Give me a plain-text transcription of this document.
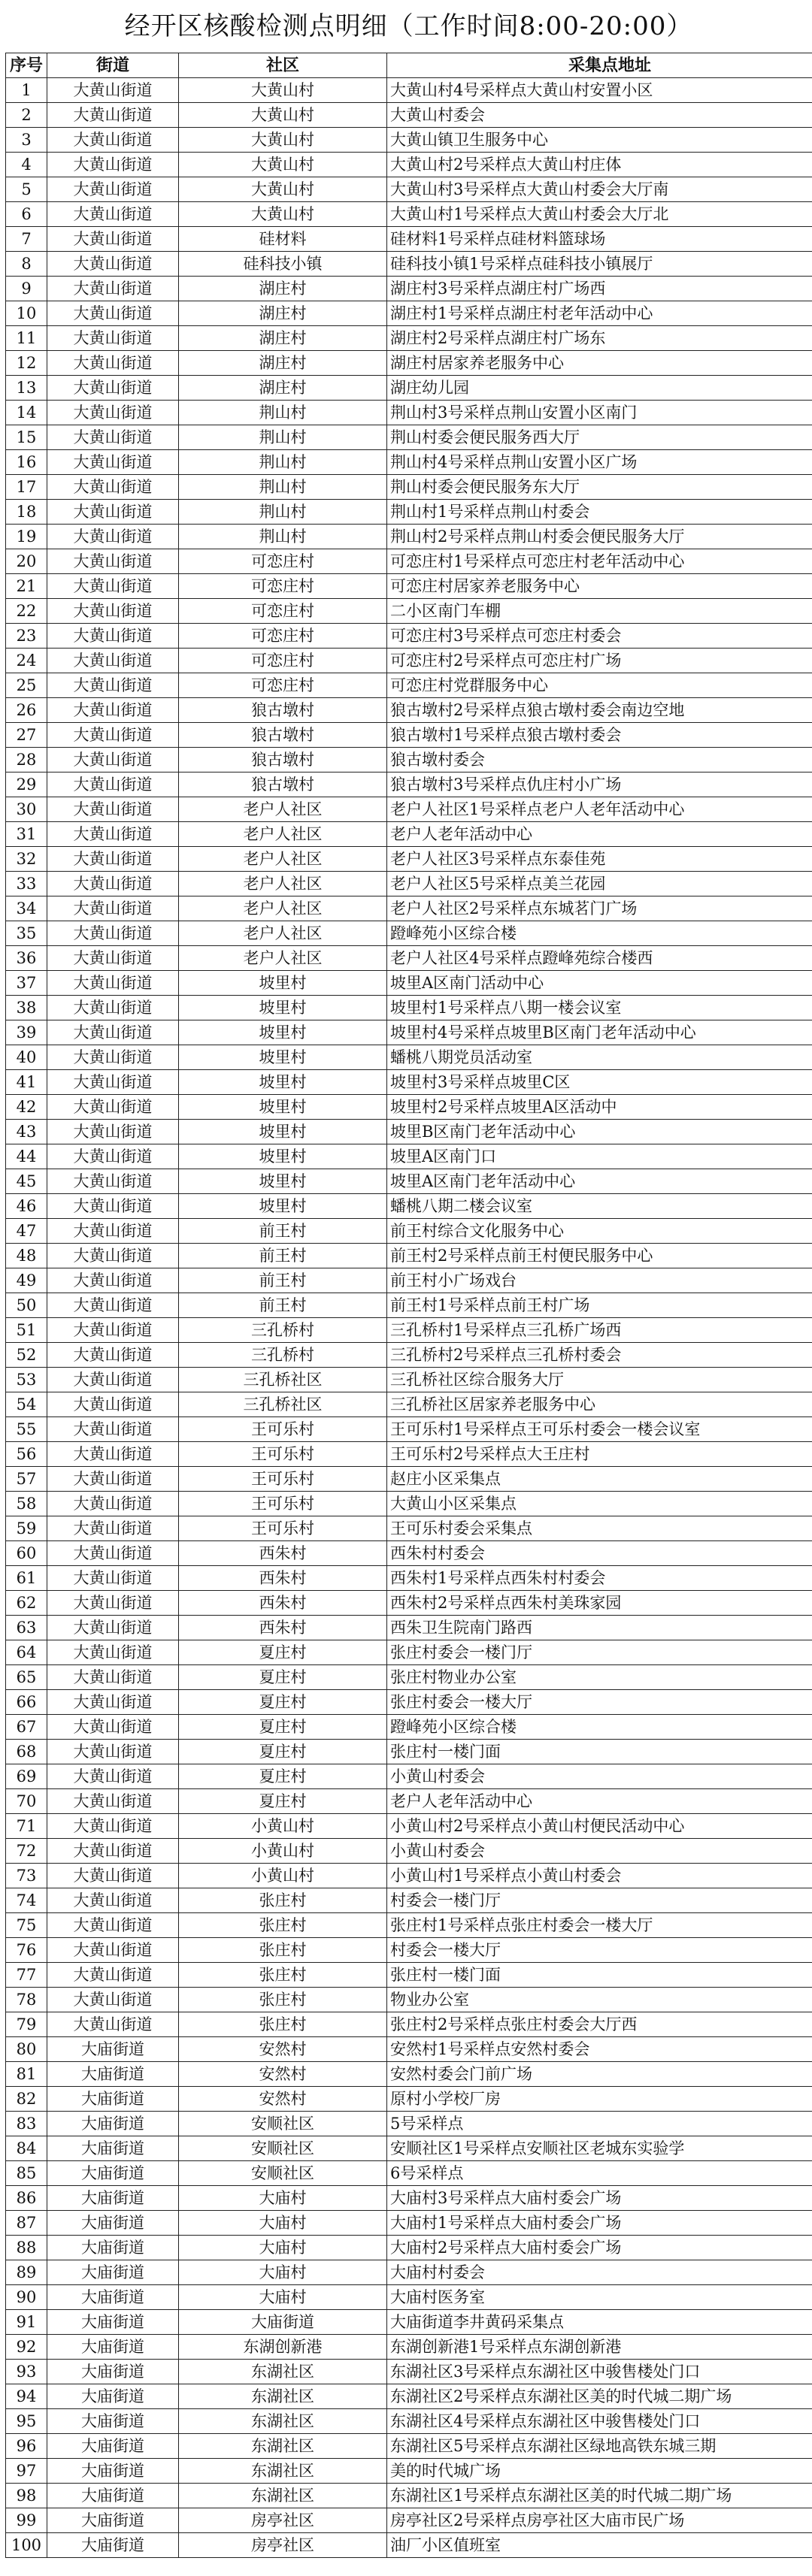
经开区核酸检测点明细（工作时间8:00-20:00）
序号	街道	社区	采集点地址
1	大黄山街道	大黄山村	大黄山村4号采样点大黄山村安置小区
2	大黄山街道	大黄山村	大黄山村委会
3	大黄山街道	大黄山村	大黄山镇卫生服务中心
4	大黄山街道	大黄山村	大黄山村2号采样点大黄山村庄体
5	大黄山街道	大黄山村	大黄山村3号采样点大黄山村委会大厅南
6	大黄山街道	大黄山村	大黄山村1号采样点大黄山村委会大厅北
7	大黄山街道	硅材料	硅材料1号采样点硅材料篮球场
8	大黄山街道	硅科技小镇	硅科技小镇1号采样点硅科技小镇展厅
9	大黄山街道	湖庄村	湖庄村3号采样点湖庄村广场西
10	大黄山街道	湖庄村	湖庄村1号采样点湖庄村老年活动中心
11	大黄山街道	湖庄村	湖庄村2号采样点湖庄村广场东
12	大黄山街道	湖庄村	湖庄村居家养老服务中心
13	大黄山街道	湖庄村	湖庄幼儿园
14	大黄山街道	荆山村	荆山村3号采样点荆山安置小区南门
15	大黄山街道	荆山村	荆山村委会便民服务西大厅
16	大黄山街道	荆山村	荆山村4号采样点荆山安置小区广场
17	大黄山街道	荆山村	荆山村委会便民服务东大厅
18	大黄山街道	荆山村	荆山村1号采样点荆山村委会
19	大黄山街道	荆山村	荆山村2号采样点荆山村委会便民服务大厅
20	大黄山街道	可恋庄村	可恋庄村1号采样点可恋庄村老年活动中心
21	大黄山街道	可恋庄村	可恋庄村居家养老服务中心
22	大黄山街道	可恋庄村	二小区南门车棚
23	大黄山街道	可恋庄村	可恋庄村3号采样点可恋庄村委会
24	大黄山街道	可恋庄村	可恋庄村2号采样点可恋庄村广场
25	大黄山街道	可恋庄村	可恋庄村党群服务中心
26	大黄山街道	狼古墩村	狼古墩村2号采样点狼古墩村委会南边空地
27	大黄山街道	狼古墩村	狼古墩村1号采样点狼古墩村委会
28	大黄山街道	狼古墩村	狼古墩村委会
29	大黄山街道	狼古墩村	狼古墩村3号采样点仇庄村小广场
30	大黄山街道	老户人社区	老户人社区1号采样点老户人老年活动中心
31	大黄山街道	老户人社区	老户人老年活动中心
32	大黄山街道	老户人社区	老户人社区3号采样点东泰佳苑
33	大黄山街道	老户人社区	老户人社区5号采样点美兰花园
34	大黄山街道	老户人社区	老户人社区2号采样点东城茗门广场
35	大黄山街道	老户人社区	蹬峰苑小区综合楼
36	大黄山街道	老户人社区	老户人社区4号采样点蹬峰苑综合楼西
37	大黄山街道	坡里村	坡里A区南门活动中心
38	大黄山街道	坡里村	坡里村1号采样点八期一楼会议室
39	大黄山街道	坡里村	坡里村4号采样点坡里B区南门老年活动中心
40	大黄山街道	坡里村	蟠桃八期党员活动室
41	大黄山街道	坡里村	坡里村3号采样点坡里C区
42	大黄山街道	坡里村	坡里村2号采样点坡里A区活动中
43	大黄山街道	坡里村	坡里B区南门老年活动中心
44	大黄山街道	坡里村	坡里A区南门口
45	大黄山街道	坡里村	坡里A区南门老年活动中心
46	大黄山街道	坡里村	蟠桃八期二楼会议室
47	大黄山街道	前王村	前王村综合文化服务中心
48	大黄山街道	前王村	前王村2号采样点前王村便民服务中心
49	大黄山街道	前王村	前王村小广场戏台
50	大黄山街道	前王村	前王村1号采样点前王村广场
51	大黄山街道	三孔桥村	三孔桥村1号采样点三孔桥广场西
52	大黄山街道	三孔桥村	三孔桥村2号采样点三孔桥村委会
53	大黄山街道	三孔桥社区	三孔桥社区综合服务大厅
54	大黄山街道	三孔桥社区	三孔桥社区居家养老服务中心
55	大黄山街道	王可乐村	王可乐村1号采样点王可乐村委会一楼会议室
56	大黄山街道	王可乐村	王可乐村2号采样点大王庄村
57	大黄山街道	王可乐村	赵庄小区采集点
58	大黄山街道	王可乐村	大黄山小区采集点
59	大黄山街道	王可乐村	王可乐村委会采集点
60	大黄山街道	西朱村	西朱村村委会
61	大黄山街道	西朱村	西朱村1号采样点西朱村村委会
62	大黄山街道	西朱村	西朱村2号采样点西朱村美珠家园
63	大黄山街道	西朱村	西朱卫生院南门路西
64	大黄山街道	夏庄村	张庄村委会一楼门厅
65	大黄山街道	夏庄村	张庄村物业办公室
66	大黄山街道	夏庄村	张庄村委会一楼大厅
67	大黄山街道	夏庄村	蹬峰苑小区综合楼
68	大黄山街道	夏庄村	张庄村一楼门面
69	大黄山街道	夏庄村	小黄山村委会
70	大黄山街道	夏庄村	老户人老年活动中心
71	大黄山街道	小黄山村	小黄山村2号采样点小黄山村便民活动中心
72	大黄山街道	小黄山村	小黄山村委会
73	大黄山街道	小黄山村	小黄山村1号采样点小黄山村委会
74	大黄山街道	张庄村	村委会一楼门厅
75	大黄山街道	张庄村	张庄村1号采样点张庄村委会一楼大厅
76	大黄山街道	张庄村	村委会一楼大厅
77	大黄山街道	张庄村	张庄村一楼门面
78	大黄山街道	张庄村	物业办公室
79	大黄山街道	张庄村	张庄村2号采样点张庄村委会大厅西
80	大庙街道	安然村	安然村1号采样点安然村委会
81	大庙街道	安然村	安然村委会门前广场
82	大庙街道	安然村	原村小学校厂房
83	大庙街道	安顺社区	5号采样点
84	大庙街道	安顺社区	安顺社区1号采样点安顺社区老城东实验学
85	大庙街道	安顺社区	6号采样点
86	大庙街道	大庙村	大庙村3号采样点大庙村委会广场
87	大庙街道	大庙村	大庙村1号采样点大庙村委会广场
88	大庙街道	大庙村	大庙村2号采样点大庙村委会广场
89	大庙街道	大庙村	大庙村村委会
90	大庙街道	大庙村	大庙村医务室
91	大庙街道	大庙街道	大庙街道李井黄码采集点
92	大庙街道	东湖创新港	东湖创新港1号采样点东湖创新港
93	大庙街道	东湖社区	东湖社区3号采样点东湖社区中骏售楼处门口
94	大庙街道	东湖社区	东湖社区2号采样点东湖社区美的时代城二期广场
95	大庙街道	东湖社区	东湖社区4号采样点东湖社区中骏售楼处门口
96	大庙街道	东湖社区	东湖社区5号采样点东湖社区绿地高铁东城三期
97	大庙街道	东湖社区	美的时代城广场
98	大庙街道	东湖社区	东湖社区1号采样点东湖社区美的时代城二期广场
99	大庙街道	房亭社区	房亭社区2号采样点房亭社区大庙市民广场
100	大庙街道	房亭社区	油厂小区值班室
